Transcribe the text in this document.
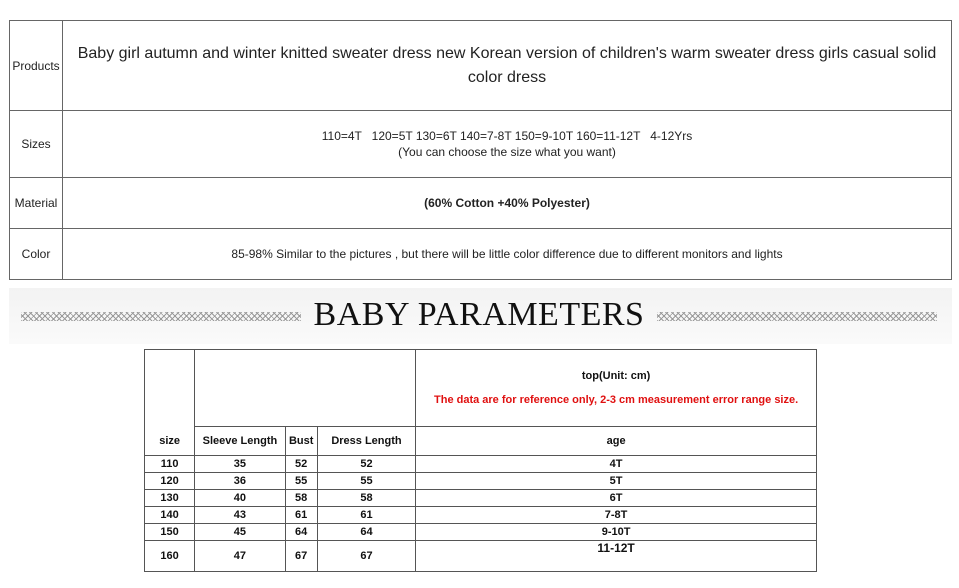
Products	Baby girl autumn and winter knitted sweater dress new Korean version of children's warm sweater dress girls casual solid color dress
Sizes	110=4T   120=5T 130=6T 140=7-8T 150=9-10T 160=11-12T   4-12Yrs
(You can choose the size what you want)

Material	(60% Cotton +40% Polyester)
Color	85-98% Similar to the pictures , but there will be little color difference due to different monitors and lights
BABY PARAMETERS
size				top(Unit: cm)
The data are for reference only, 2-3 cm measurement error range size.

	Sleeve Length	Bust	Dress Length	age
110	35	52	52	4T
120	36	55	55	5T
130	40	58	58	6T
140	43	61	61	7-8T
150	45	64	64	9-10T
160	47	67	67	11-12T
